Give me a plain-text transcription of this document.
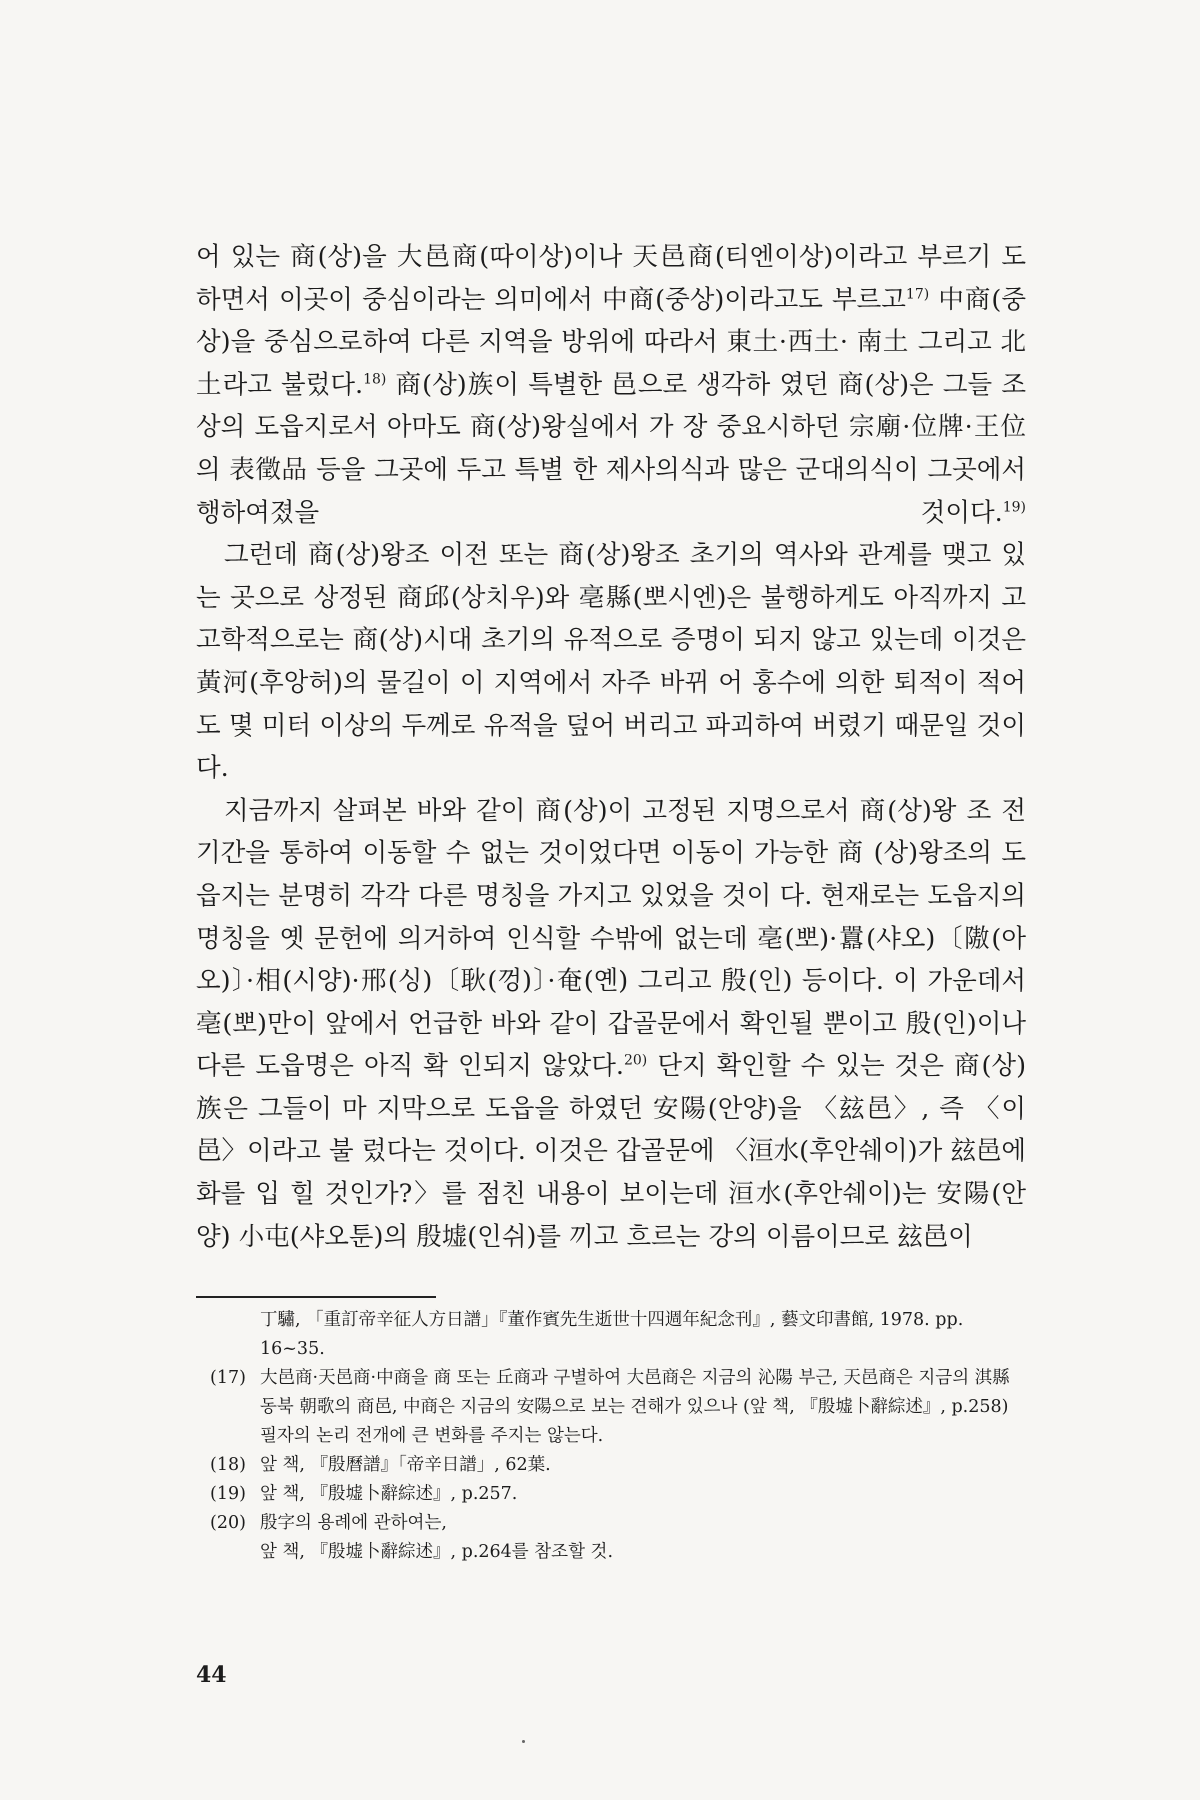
어 있는 商(상)을 大邑商(따이상)이나 天邑商(티엔이상)이라고 부르기 도 하면서 이곳이 중심이라는 의미에서 中商(중상)이라고도 부르고$^{17)}$ 中商(중상)을 중심으로하여 다른 지역을 방위에 따라서 東土·西土· 南土 그리고 北土라고 불렀다.$^{18)}$ 商(상)族이 특별한 邑으로 생각하 였던 商(상)은 그들 조상의 도읍지로서 아마도 商(상)왕실에서 가 장 중요시하던 宗廟·位牌·王位의 表徵品 등을 그곳에 두고 특별 한 제사의식과 많은 군대의식이 그곳에서 행하여졌을 것이다.$^{19)}$

그런데 商(상)왕조 이전 또는 商(상)왕조 초기의 역사와 관계를 맺고 있는 곳으로 상정된 商邱(상치우)와 亳縣(뽀시엔)은 불행하게도 아직까지 고고학적으로는 商(상)시대 초기의 유적으로 증명이 되지 않고 있는데 이것은 黃河(후앙허)의 물길이 이 지역에서 자주 바뀌 어 홍수에 의한 퇴적이 적어도 몇 미터 이상의 두께로 유적을 덮어 버리고 파괴하여 버렸기 때문일 것이다.

지금까지 살펴본 바와 같이 商(상)이 고정된 지명으로서 商(상)왕 조 전기간을 통하여 이동할 수 없는 것이었다면 이동이 가능한 商 (상)왕조의 도읍지는 분명히 각각 다른 명칭을 가지고 있었을 것이 다. 현재로는 도읍지의 명칭을 옛 문헌에 의거하여 인식할 수밖에 없는데 亳(뽀)·囂(샤오)〔隞(아오)〕·相(시양)·邢(싱)〔耿(껑)〕·奄(옌) 그리고 殷(인) 등이다. 이 가운데서 亳(뽀)만이 앞에서 언급한 바와 같이 갑골문에서 확인될 뿐이고 殷(인)이나 다른 도읍명은 아직 확 인되지 않았다.$^{20)}$ 단지 확인할 수 있는 것은 商(상)族은 그들이 마 지막으로 도읍을 하였던 安陽(안양)을 〈玆邑〉, 즉 〈이 邑〉이라고 불 렀다는 것이다. 이것은 갑골문에 〈洹水(후안쉐이)가 玆邑에 화를 입 힐 것인가?〉를 점친 내용이 보이는데 洹水(후안쉐이)는 安陽(안양) 小屯(샤오툰)의 殷墟(인쉬)를 끼고 흐르는 강의 이름이므로 玆邑이

丁驌, 「重訂帝辛征人方日譜」『董作賓先生逝世十四週年紀念刊』, 藝文印書館, 1978. pp. 16~35.
(17) 大邑商·天邑商·中商을 商 또는 丘商과 구별하여 大邑商은 지금의 沁陽 부근, 天邑商은 지금의 淇縣 동북 朝歌의 商邑, 中商은 지금의 安陽으로 보는 견해가 있으나 (앞 책, 『殷墟卜辭綜述』, p.258) 필자의 논리 전개에 큰 변화를 주지는 않는다.
(18) 앞 책, 『殷曆譜』「帝辛日譜」, 62葉.
(19) 앞 책, 『殷墟卜辭綜述』, p.257.
(20) 殷字의 용례에 관하여는,
앞 책, 『殷墟卜辭綜述』, p.264를 참조할 것.
44
